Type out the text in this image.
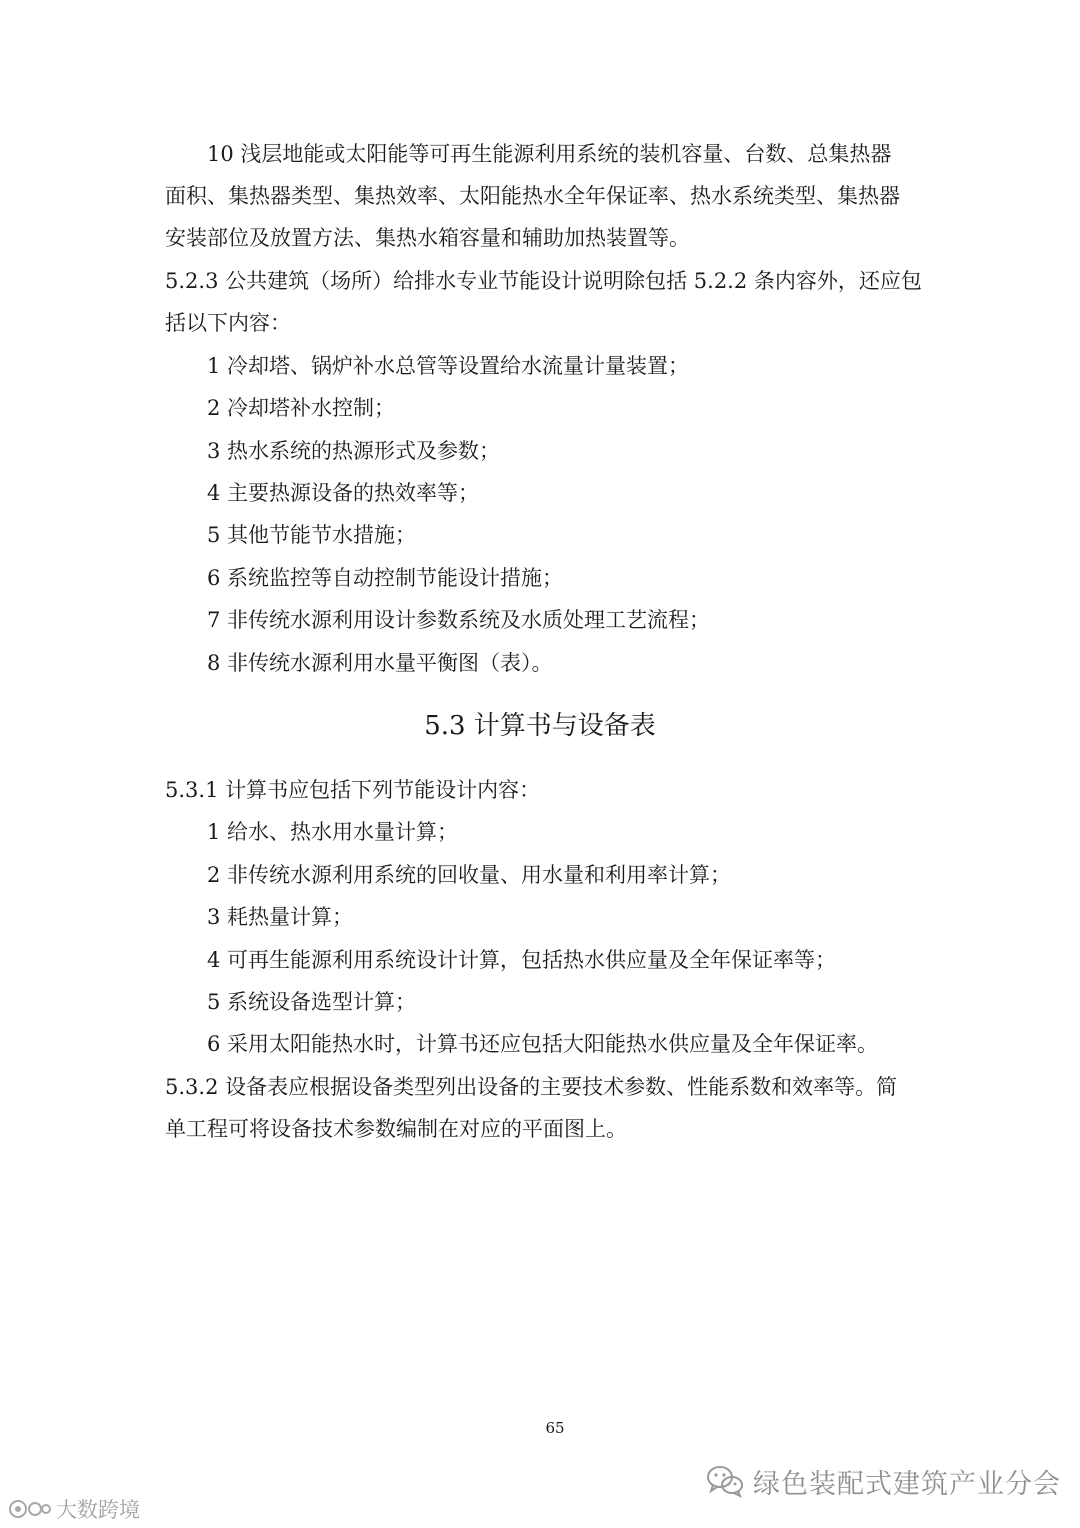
10 浅层地能或太阳能等可再生能源利用系统的装机容量、台数、总集热器
面积、集热器类型、集热效率、太阳能热水全年保证率、热水系统类型、集热器
安装部位及放置方法、集热水箱容量和辅助加热装置等。
5.2.3 公共建筑（场所）给排水专业节能设计说明除包括 5.2.2 条内容外，还应包
括以下内容：
1 冷却塔、锅炉补水总管等设置给水流量计量装置；
2 冷却塔补水控制；
3 热水系统的热源形式及参数；
4 主要热源设备的热效率等；
5 其他节能节水措施；
6 系统监控等自动控制节能设计措施；
7 非传统水源利用设计参数系统及水质处理工艺流程；
8 非传统水源利用水量平衡图（表）。
5.3 计算书与设备表
5.3.1 计算书应包括下列节能设计内容：
1 给水、热水用水量计算；
2 非传统水源利用系统的回收量、用水量和利用率计算；
3 耗热量计算；
4 可再生能源利用系统设计计算，包括热水供应量及全年保证率等；
5 系统设备选型计算；
6 采用太阳能热水时，计算书还应包括大阳能热水供应量及全年保证率。
5.3.2 设备表应根据设备类型列出设备的主要技术参数、性能系数和效率等。简
单工程可将设备技术参数编制在对应的平面图上。
65
绿色装配式建筑产业分会
大数跨境
